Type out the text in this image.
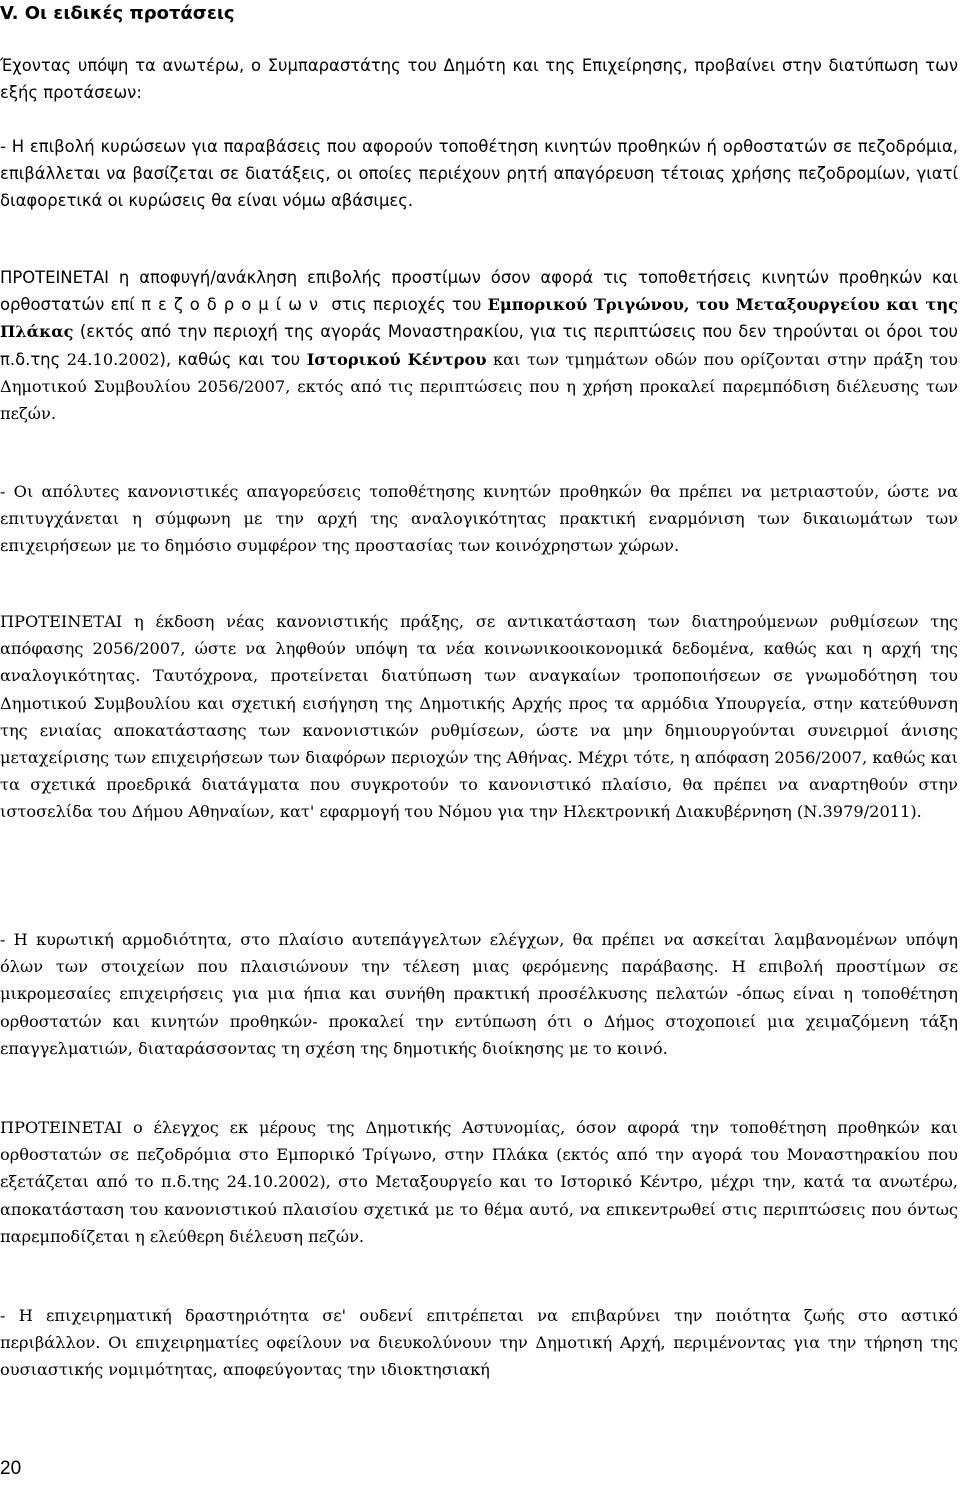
V. Οι ειδικές προτάσεις
Έχοντας υπόψη τα ανωτέρω, ο Συμπαραστάτης του Δημότη και της Επιχείρησης, προβαίνει στην διατύπωση των εξής προτάσεων:
- Η επιβολή κυρώσεων για παραβάσεις που αφορούν τοποθέτηση κινητών προθηκών ή ορθοστατών σε πεζοδρόμια, επιβάλλεται να βασίζεται σε διατάξεις, οι οποίες περιέχουν ρητή απαγόρευση τέτοιας χρήσης πεζοδρομίων, γιατί διαφορετικά οι κυρώσεις θα είναι νόμω αβάσιμες.
ΠΡΟΤΕΙΝΕΤΑΙ η αποφυγή/ανάκληση επιβολής προστίμων όσον αφορά τις τοποθετήσεις κινητών προθηκών και ορθοστατών επί πεζοδρομίων στις περιοχές του Εμπορικού Τριγώνου, του Μεταξουργείου και της Πλάκας (εκτός από την περιοχή της αγοράς Μοναστηρακίου, για τις περιπτώσεις που δεν τηρούνται οι όροι του π.δ.της 24.10.2002), καθώς και του Ιστορικού Κέντρου και των τμημάτων οδών που ορίζονται στην πράξη του Δημοτικού Συμβουλίου 2056/2007, εκτός από τις περιπτώσεις που η χρήση προκαλεί παρεμπόδιση διέλευσης των πεζών.
- Οι απόλυτες κανονιστικές απαγορεύσεις τοποθέτησης κινητών προθηκών θα πρέπει να μετριαστούν, ώστε να επιτυγχάνεται η σύμφωνη με την αρχή της αναλογικότητας πρακτική εναρμόνιση των δικαιωμάτων των επιχειρήσεων με το δημόσιο συμφέρον της προστασίας των κοινόχρηστων χώρων.
ΠΡΟΤΕΙΝΕΤΑΙ η έκδοση νέας κανονιστικής πράξης, σε αντικατάσταση των διατηρούμενων ρυθμίσεων της απόφασης 2056/2007, ώστε να ληφθούν υπόψη τα νέα κοινωνικοοικονομικά δεδομένα, καθώς και η αρχή της αναλογικότητας. Ταυτόχρονα, προτείνεται διατύπωση των αναγκαίων τροποποιήσεων σε γνωμοδότηση του Δημοτικού Συμβουλίου και σχετική εισήγηση της Δημοτικής Αρχής προς τα αρμόδια Υπουργεία, στην κατεύθυνση της ενιαίας αποκατάστασης των κανονιστικών ρυθμίσεων, ώστε να μην δημιουργούνται συνειρμοί άνισης μεταχείρισης των επιχειρήσεων των διαφόρων περιοχών της Αθήνας. Μέχρι τότε, η απόφαση 2056/2007, καθώς και τα σχετικά προεδρικά διατάγματα που συγκροτούν το κανονιστικό πλαίσιο, θα πρέπει να αναρτηθούν στην ιστοσελίδα του Δήμου Αθηναίων, κατ' εφαρμογή του Νόμου για την Ηλεκτρονική Διακυβέρνηση (Ν.3979/2011).
- Η κυρωτική αρμοδιότητα, στο πλαίσιο αυτεπάγγελτων ελέγχων, θα πρέπει να ασκείται λαμβανομένων υπόψη όλων των στοιχείων που πλαισιώνουν την τέλεση μιας φερόμενης παράβασης. Η επιβολή προστίμων σε μικρομεσαίες επιχειρήσεις για μια ήπια και συνήθη πρακτική προσέλκυσης πελατών -όπως είναι η τοποθέτηση ορθοστατών και κινητών προθηκών- προκαλεί την εντύπωση ότι ο Δήμος στοχοποιεί μια χειμαζόμενη τάξη επαγγελματιών, διαταράσσοντας τη σχέση της δημοτικής διοίκησης με το κοινό.
ΠΡΟΤΕΙΝΕΤΑΙ ο έλεγχος εκ μέρους της Δημοτικής Αστυνομίας, όσον αφορά την τοποθέτηση προθηκών και ορθοστατών σε πεζοδρόμια στο Εμπορικό Τρίγωνο, στην Πλάκα (εκτός από την αγορά του Μοναστηρακίου που εξετάζεται από το π.δ.της 24.10.2002), στο Μεταξουργείο και το Ιστορικό Κέντρο, μέχρι την, κατά τα ανωτέρω, αποκατάσταση του κανονιστικού πλαισίου σχετικά με το θέμα αυτό, να επικεντρωθεί στις περιπτώσεις που όντως παρεμποδίζεται η ελεύθερη διέλευση πεζών.
- Η επιχειρηματική δραστηριότητα σε' ουδενί επιτρέπεται να επιβαρύνει την ποιότητα ζωής στο αστικό περιβάλλον. Οι επιχειρηματίες οφείλουν να διευκολύνουν την Δημοτική Αρχή, περιμένοντας για την τήρηση της ουσιαστικής νομιμότητας, αποφεύγοντας την ιδιοκτησιακή
20
